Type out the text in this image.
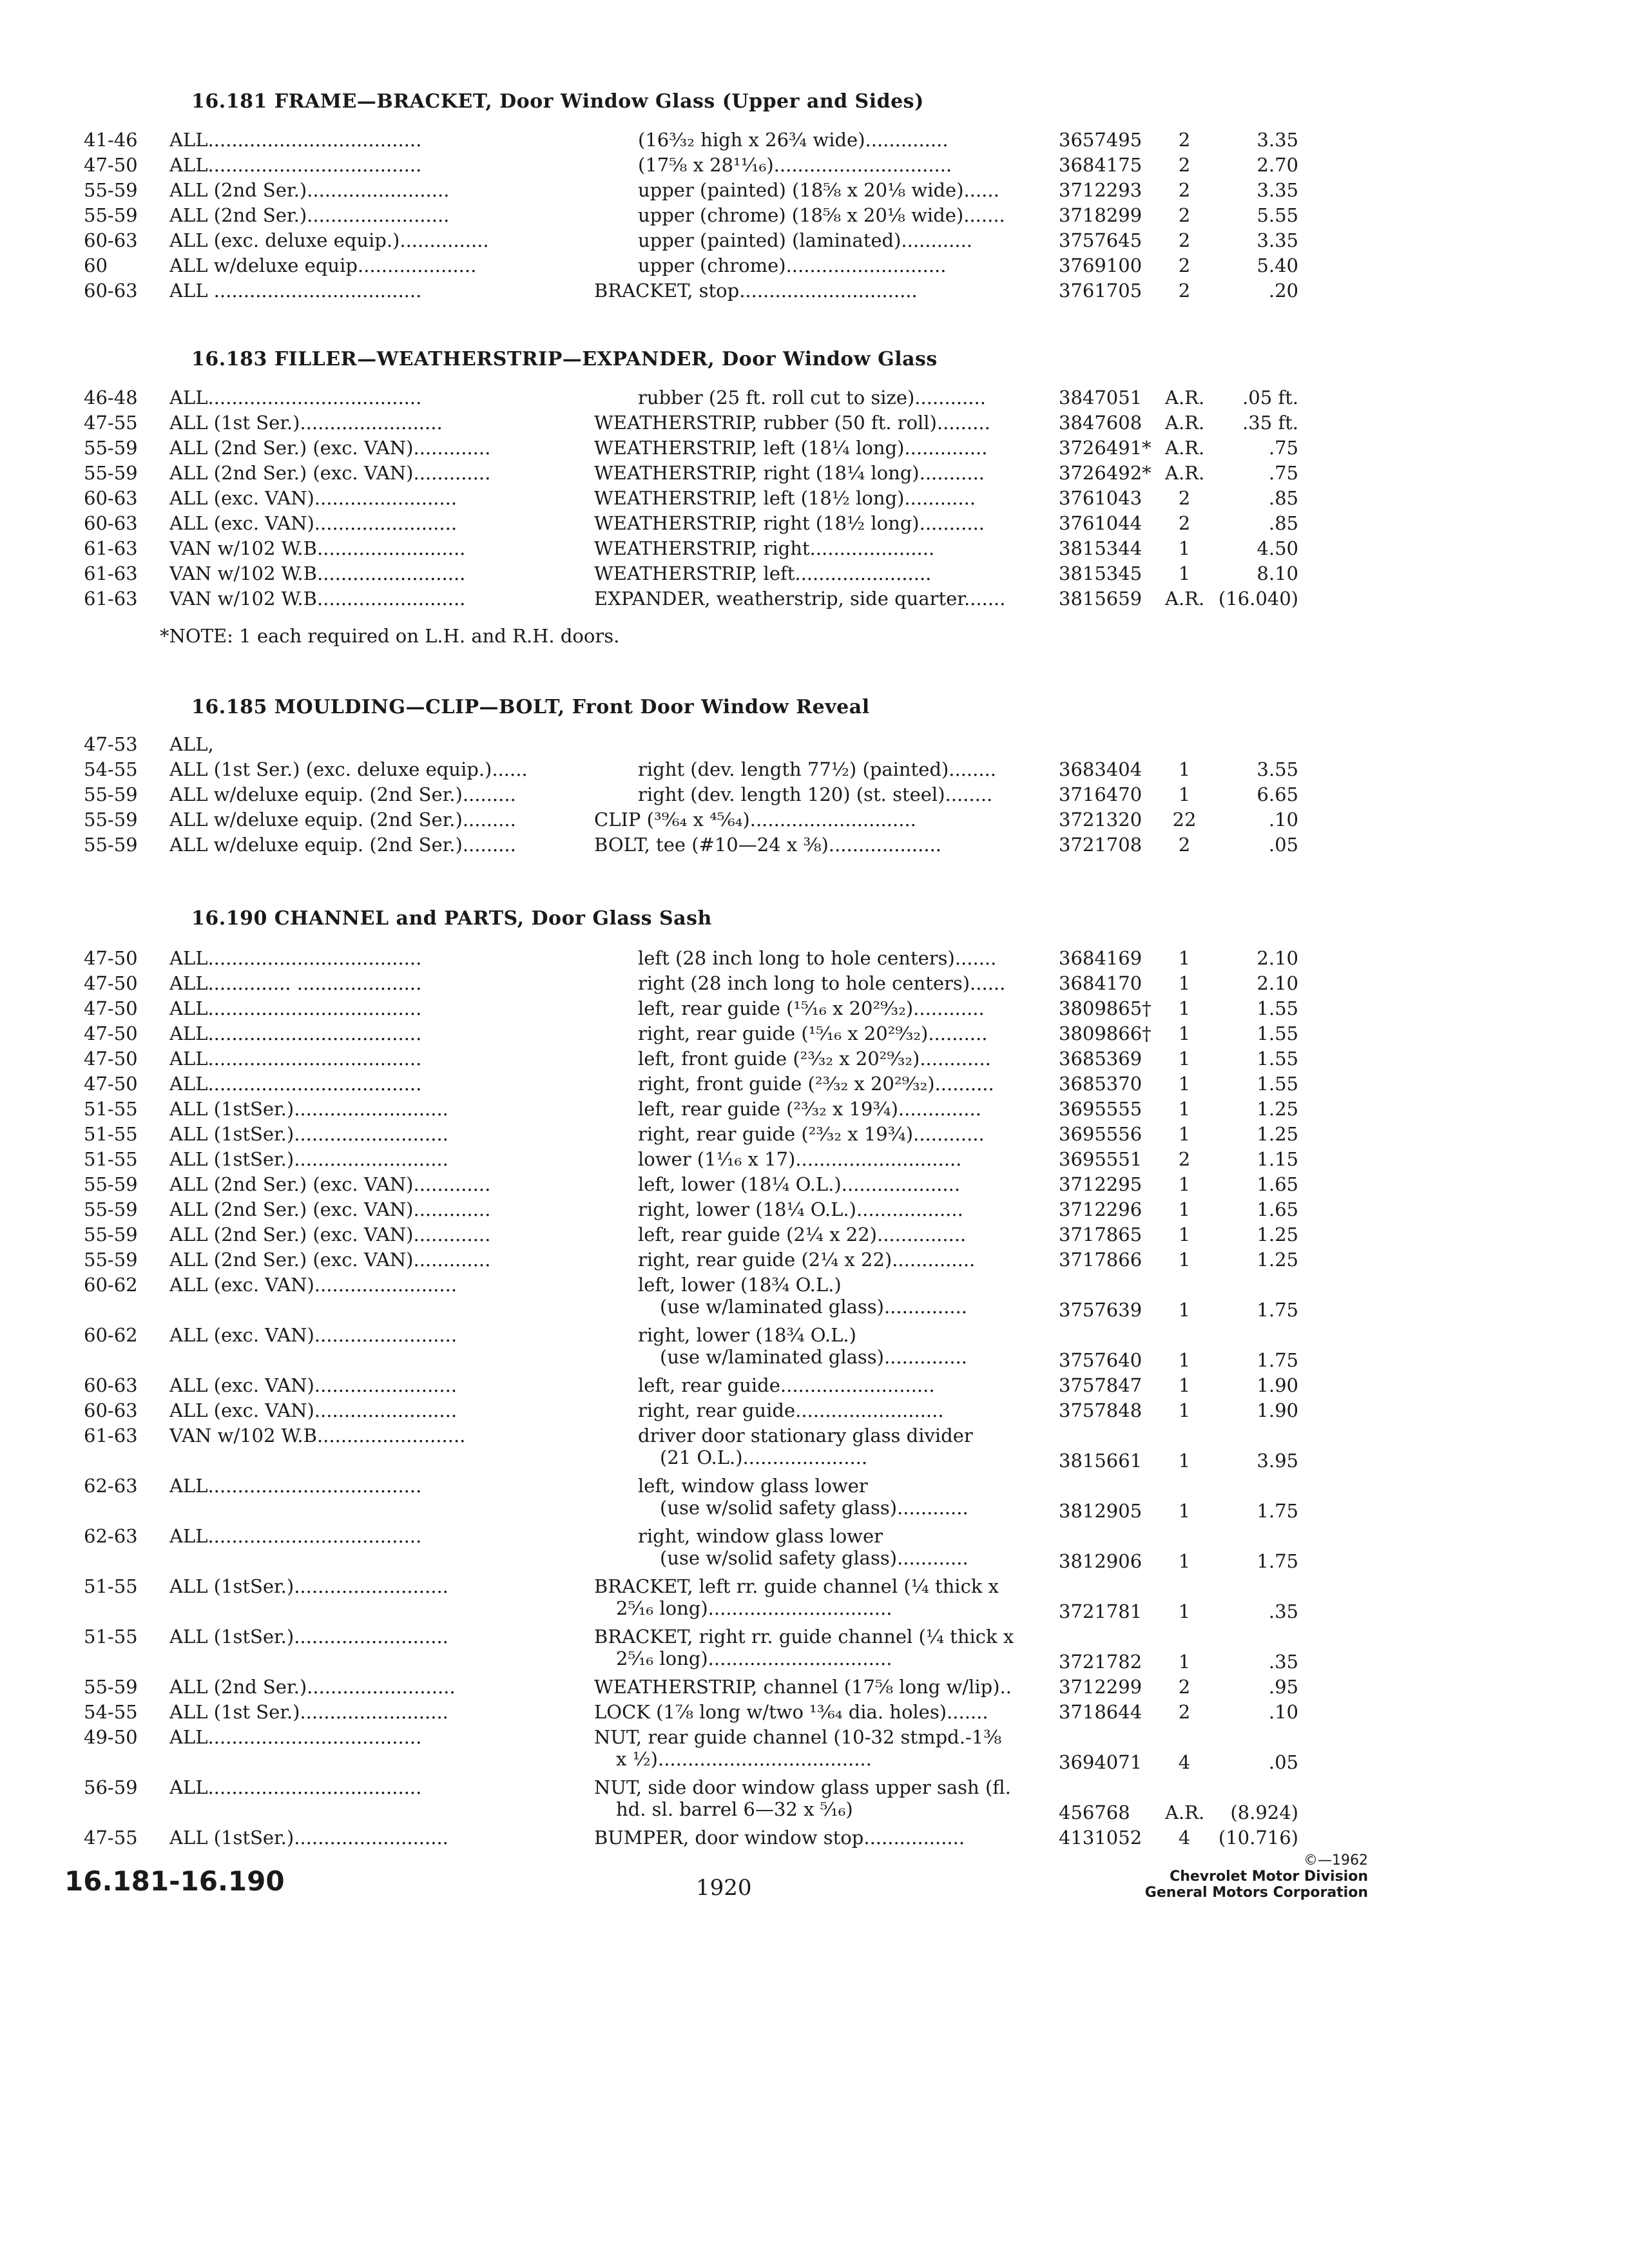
16.181 FRAME—BRACKET, Door Window Glass (Upper and Sides)
41-46 ALL....................................	(16³⁄₃₂ high x 26¾ wide)..............	3657495	2	3.35
47-50 ALL....................................	(17⁵⁄₈ x 28¹¹⁄₁₆)..............................	3684175	2	2.70
55-59 ALL (2nd Ser.)........................	upper (painted) (18⁵⁄₈ x 20¹⁄₈ wide)......	3712293	2	3.35
55-59 ALL (2nd Ser.)........................	upper (chrome) (18⁵⁄₈ x 20¹⁄₈ wide).......	3718299	2	5.55
60-63 ALL (exc. deluxe equip.)...............	upper (painted) (laminated)............	3757645	2	3.35
60	ALL w/deluxe equip....................	upper (chrome)...........................	3769100	2	5.40
60-63 ALL ...................................	BRACKET, stop..............................	3761705	2	.20
16.183 FILLER—WEATHERSTRIP—EXPANDER, Door Window Glass
46-48 ALL....................................	rubber (25 ft. roll cut to size)............	3847051	A.R.	.05 ft.
47-55 ALL (1st Ser.)........................	WEATHERSTRIP, rubber (50 ft. roll).........	3847608	A.R.	.35 ft.
55-59 ALL (2nd Ser.) (exc. VAN).............	WEATHERSTRIP, left (18¼ long)..............	3726491* A.R.	.75
55-59 ALL (2nd Ser.) (exc. VAN).............	WEATHERSTRIP, right (18¼ long)...........	3726492* A.R.	.75
60-63 ALL (exc. VAN)........................	WEATHERSTRIP, left (18½ long)............	3761043	2	.85
60-63 ALL (exc. VAN)........................	WEATHERSTRIP, right (18½ long)...........	3761044	2	.85
61-63 VAN w/102 W.B.........................	WEATHERSTRIP, right.....................	3815344	1	4.50
61-63 VAN w/102 W.B.........................	WEATHERSTRIP, left.......................	3815345	1	8.10
61-63 VAN w/102 W.B.........................	EXPANDER, weatherstrip, side quarter.......	3815659	A.R. (16.040)
*NOTE: 1 each required on L.H. and R.H. doors.
16.185 MOULDING—CLIP—BOLT, Front Door Window Reveal
47-53 ALL,
54-55 ALL (1st Ser.) (exc. deluxe equip.)......	right (dev. length 77½) (painted)........	3683404	1	3.55
55-59 ALL w/deluxe equip. (2nd Ser.).........	right (dev. length 120) (st. steel)........	3716470	1	6.65
55-59 ALL w/deluxe equip. (2nd Ser.).........	CLIP (³⁹⁄₆₄ x ⁴⁵⁄₆₄)............................	3721320	22	.10
55-59 ALL w/deluxe equip. (2nd Ser.).........	BOLT, tee (#10—24 x ⅜)...................	3721708	2	.05
16.190 CHANNEL and PARTS, Door Glass Sash
47-50 ALL....................................	left (28 inch long to hole centers).......	3684169	1	2.10
47-50 ALL.............. .....................	right (28 inch long to hole centers)......	3684170	1	2.10
47-50 ALL....................................	left, rear guide (¹⁵⁄₁₆ x 20²⁹⁄₃₂)............	3809865†	1	1.55
47-50 ALL....................................	right, rear guide (¹⁵⁄₁₆ x 20²⁹⁄₃₂)..........	3809866†	1	1.55
47-50 ALL....................................	left, front guide (²³⁄₃₂ x 20²⁹⁄₃₂)............	3685369	1	1.55
47-50 ALL....................................	right, front guide (²³⁄₃₂ x 20²⁹⁄₃₂)..........	3685370	1	1.55
51-55 ALL (1stSer.)..........................	left, rear guide (²³⁄₃₂ x 19¾)..............	3695555	1	1.25
51-55 ALL (1stSer.)..........................	right, rear guide (²³⁄₃₂ x 19¾)............	3695556	1	1.25
51-55 ALL (1stSer.)..........................	lower (1¹⁄₁₆ x 17)............................	3695551	2	1.15
55-59 ALL (2nd Ser.) (exc. VAN).............	left, lower (18¼ O.L.)....................	3712295	1	1.65
55-59 ALL (2nd Ser.) (exc. VAN).............	right, lower (18¼ O.L.)..................	3712296	1	1.65
55-59 ALL (2nd Ser.) (exc. VAN).............	left, rear guide (2¼ x 22)...............	3717865	1	1.25
55-59 ALL (2nd Ser.) (exc. VAN).............	right, rear guide (2¼ x 22)..............	3717866	1	1.25
60-62 ALL (exc. VAN)........................	left, lower (18¾ O.L.)
(use w/laminated glass)..............	3757639	1	1.75
60-62 ALL (exc. VAN)........................	right, lower (18¾ O.L.)
(use w/laminated glass)..............	3757640	1	1.75
60-63 ALL (exc. VAN)........................	left, rear guide..........................	3757847	1	1.90
60-63 ALL (exc. VAN)........................	right, rear guide.........................	3757848	1	1.90
61-63 VAN w/102 W.B.........................	driver door stationary glass divider
(21 O.L.).....................	3815661	1	3.95
62-63 ALL....................................	left, window glass lower
(use w/solid safety glass)............	3812905	1	1.75
62-63 ALL....................................	right, window glass lower
(use w/solid safety glass)............	3812906	1	1.75
51-55 ALL (1stSer.)..........................	BRACKET, left rr. guide channel (¼ thick x
2⁵⁄₁₆ long)...............................	3721781	1	.35
51-55 ALL (1stSer.)..........................	BRACKET, right rr. guide channel (¼ thick x
2⁵⁄₁₆ long)...............................	3721782	1	.35
55-59 ALL (2nd Ser.).........................	WEATHERSTRIP, channel (17⁵⁄₈ long w/lip)..	3712299	2	.95
54-55 ALL (1st Ser.).........................	LOCK (1⅞ long w/two ¹³⁄₆₄ dia. holes).......	3718644	2	.10
49-50 ALL....................................	NUT, rear guide channel (10-32 stmpd.-1⅜
x ½)....................................	3694071	4	.05
56-59 ALL....................................	NUT, side door window glass upper sash (fl.
hd. sl. barrel 6—32 x ⁵⁄₁₆)	456768	A.R.	(8.924)
47-55 ALL (1stSer.)..........................	BUMPER, door window stop.................	4131052	4	(10.716)
16.181-16.190	1920
©—1962
Chevrolet Motor Division
General Motors Corporation
